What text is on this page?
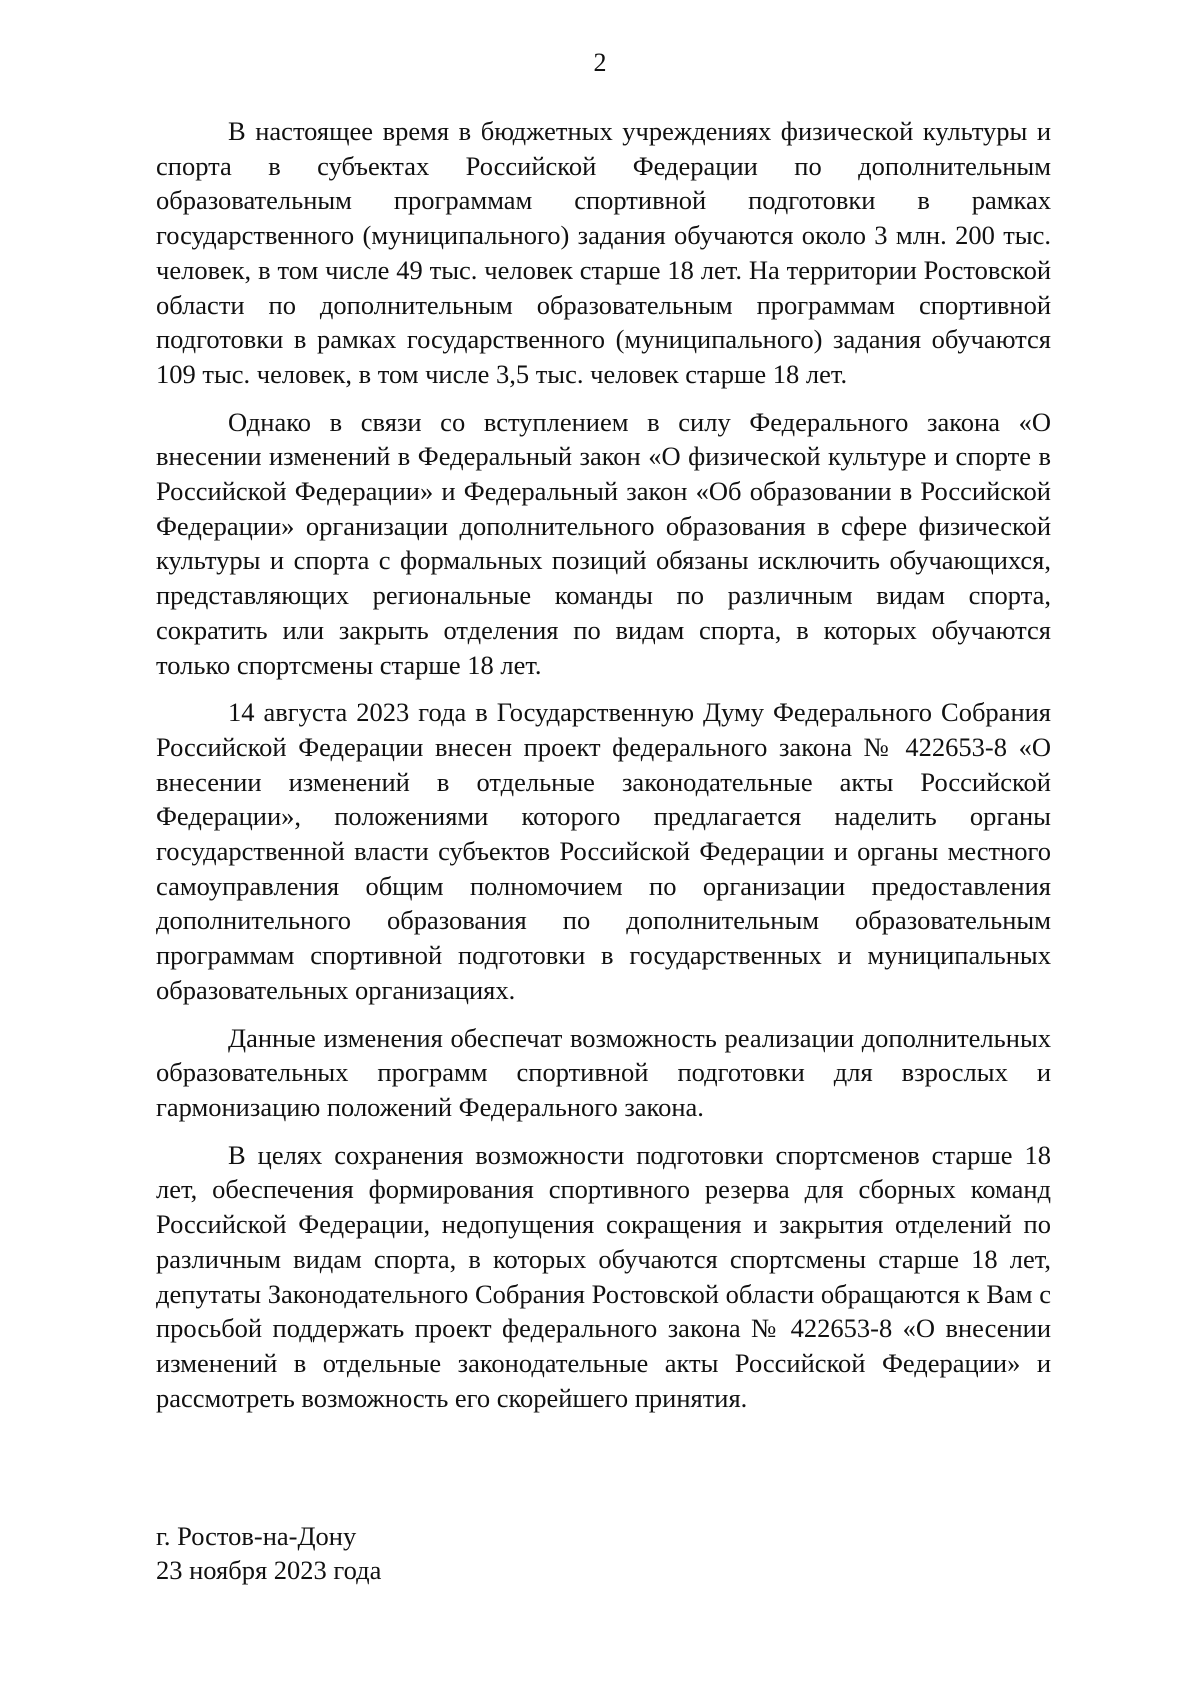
2

В настоящее время в бюджетных учреждениях физической культуры и спорта в субъектах Российской Федерации по дополнительным образовательным программам спортивной подготовки в рамках государственного (муниципального) задания обучаются около 3 млн. 200 тыс. человек, в том числе 49 тыс. человек старше 18 лет. На территории Ростовской области по дополнительным образовательным программам спортивной подготовки в рамках государственного (муниципального) задания обучаются 109 тыс. человек, в том числе 3,5 тыс. человек старше 18 лет.

Однако в связи со вступлением в силу Федерального закона «О внесении изменений в Федеральный закон «О физической культуре и спорте в Российской Федерации» и Федеральный закон «Об образовании в Российской Федерации» организации дополнительного образования в сфере физической культуры и спорта с формальных позиций обязаны исключить обучающихся, представляющих региональные команды по различным видам спорта, сократить или закрыть отделения по видам спорта, в которых обучаются только спортсмены старше 18 лет.

14 августа 2023 года в Государственную Думу Федерального Собрания Российской Федерации внесен проект федерального закона № 422653-8 «О внесении изменений в отдельные законодательные акты Российской Федерации», положениями которого предлагается наделить органы государственной власти субъектов Российской Федерации и органы местного самоуправления общим полномочием по организации предоставления дополнительного образования по дополнительным образовательным программам спортивной подготовки в государственных и муниципальных образовательных организациях.

Данные изменения обеспечат возможность реализации дополнительных образовательных программ спортивной подготовки для взрослых и гармонизацию положений Федерального закона.

В целях сохранения возможности подготовки спортсменов старше 18 лет, обеспечения формирования спортивного резерва для сборных команд Российской Федерации, недопущения сокращения и закрытия отделений по различным видам спорта, в которых обучаются спортсмены старше 18 лет, депутаты Законодательного Собрания Ростовской области обращаются к Вам с просьбой поддержать проект федерального закона № 422653-8 «О внесении изменений в отдельные законодательные акты Российской Федерации» и рассмотреть возможность его скорейшего принятия.

г. Ростов-на-Дону
23 ноября 2023 года
